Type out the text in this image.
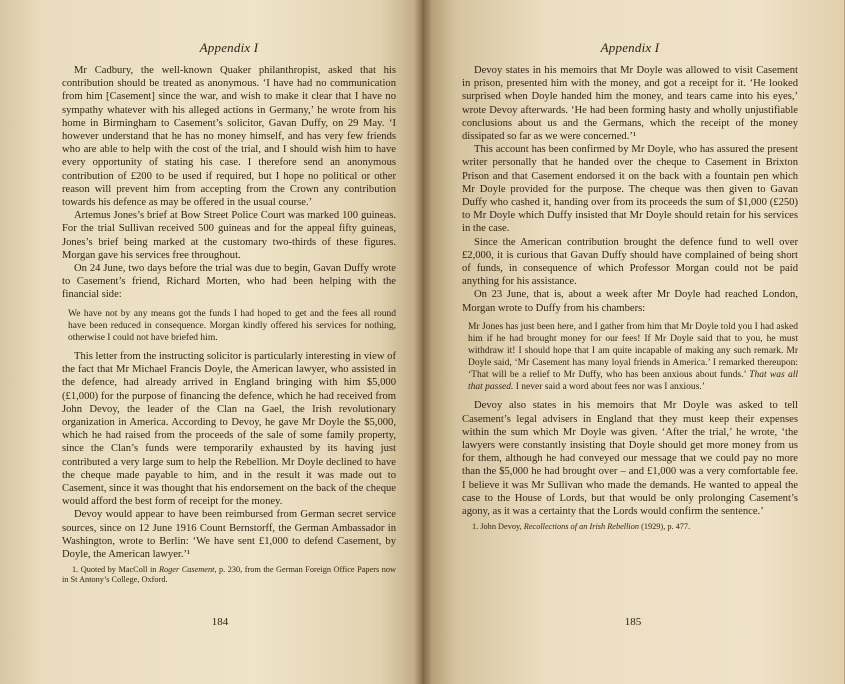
Appendix I

Mr Cadbury, the well-known Quaker philanthropist, asked that his contribution should be treated as anonymous. ‘I have had no communication from him [Casement] since the war, and wish to make it clear that I have no sympathy whatever with his alleged actions in Germany,’ he wrote from his home in Birmingham to Casement’s solicitor, Gavan Duffy, on 29 May. ‘I however understand that he has no money himself, and has very few friends who are able to help with the cost of the trial, and I should wish him to have every opportunity of stating his case. I therefore send an anonymous contribution of £200 to be used if required, but I hope no political or other reason will prevent him from accepting from the Crown any contribution towards his defence as may be offered in the usual course.’

Artemus Jones’s brief at Bow Street Police Court was marked 100 guineas. For the trial Sullivan received 500 guineas and for the appeal fifty guineas, Jones’s brief being marked at the customary two-thirds of these figures. Morgan gave his services free throughout.

On 24 June, two days before the trial was due to begin, Gavan Duffy wrote to Casement’s friend, Richard Morten, who had been helping with the financial side:

We have not by any means got the funds I had hoped to get and the fees all round have been reduced in consequence. Morgan kindly offered his services for nothing, otherwise I could not have briefed him.

This letter from the instructing solicitor is particularly interesting in view of the fact that Mr Michael Francis Doyle, the American lawyer, who assisted in the defence, had already arrived in England bringing with him $5,000 (£1,000) for the purpose of financing the defence, which he had received from John Devoy, the leader of the Clan na Gael, the Irish revolutionary organization in America. According to Devoy, he gave Mr Doyle the $5,000, which he had raised from the proceeds of the sale of some family property, since the Clan’s funds were temporarily exhausted by its having just contributed a very large sum to help the Rebellion. Mr Doyle declined to have the cheque made payable to him, and in the result it was made out to Casement, since it was thought that his endorsement on the back of the cheque would afford the best form of receipt for the money.

Devoy would appear to have been reimbursed from German secret service sources, since on 12 June 1916 Count Bernstorff, the German Ambassador in Washington, wrote to Berlin: ‘We have sent £1,000 to defend Casement, by Doyle, the American lawyer.’¹

1. Quoted by MacColl in Roger Casement, p. 230, from the German Foreign Office Papers now in St Antony’s College, Oxford.

184
Appendix I

Devoy states in his memoirs that Mr Doyle was allowed to visit Casement in prison, presented him with the money, and got a receipt for it. ‘He looked surprised when Doyle handed him the money, and tears came into his eyes,’ wrote Devoy afterwards. ‘He had been forming hasty and wholly unjustifiable conclusions about us and the Germans, which the receipt of the money dissipated so far as we were concerned.’¹

This account has been confirmed by Mr Doyle, who has assured the present writer personally that he handed over the cheque to Casement in Brixton Prison and that Casement endorsed it on the back with a fountain pen which Mr Doyle provided for the purpose. The cheque was then given to Gavan Duffy who cashed it, handing over from its proceeds the sum of $1,000 (£250) to Mr Doyle which Duffy insisted that Mr Doyle should retain for his services in the case.

Since the American contribution brought the defence fund to well over £2,000, it is curious that Gavan Duffy should have complained of being short of funds, in consequence of which Professor Morgan could not be paid anything for his assistance.

On 23 June, that is, about a week after Mr Doyle had reached London, Morgan wrote to Duffy from his chambers:

Mr Jones has just been here, and I gather from him that Mr Doyle told you I had asked him if he had brought money for our fees! If Mr Doyle said that to you, he must withdraw it! I should hope that I am quite incapable of making any such remark. Mr Doyle said, ‘Mr Casement has many loyal friends in America.’ I remarked thereupon: ‘That will be a relief to Mr Duffy, who has been anxious about funds.’ That was all that passed. I never said a word about fees nor was I anxious.’

Devoy also states in his memoirs that Mr Doyle was asked to tell Casement’s legal advisers in England that they must keep their expenses within the sum which Mr Doyle was given. ‘After the trial,’ he wrote, ‘the lawyers were constantly insisting that Doyle should get more money from us for them, although he had conveyed our message that we could pay no more than the $5,000 he had brought over – and £1,000 was a very comfortable fee. I believe it was Mr Sullivan who made the demands. He wanted to appeal the case to the House of Lords, but that would be only prolonging Casement’s agony, as it was a certainty that the Lords would confirm the sentence.’

1. John Devoy, Recollections of an Irish Rebellion (1929), p. 477.

185
